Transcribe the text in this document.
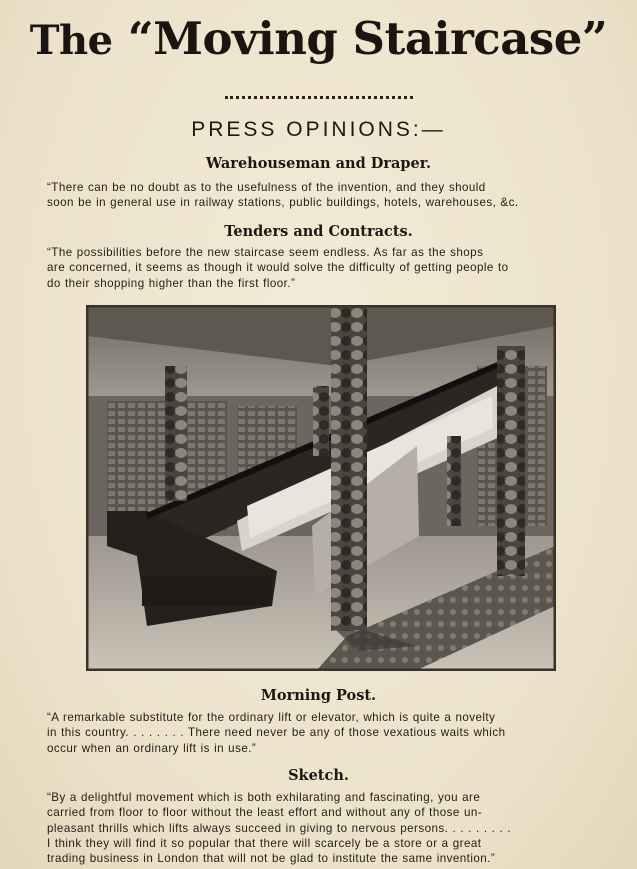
The “Moving Staircase”
PRESS OPINIONS:—
Warehouseman and Draper.
“There can be no doubt as to the usefulness of the invention, and they should
soon be in general use in railway stations, public buildings, hotels, warehouses, &c.
Tenders and Contracts.
“The possibilities before the new staircase seem endless. As far as the shops
are concerned, it seems as though it would solve the difficulty of getting people to
do their shopping higher than the first floor.”
Morning Post.
“A remarkable substitute for the ordinary lift or elevator, which is quite a novelty
in this country. . . . . . . . There need never be any of those vexatious waits which
occur when an ordinary lift is in use.”
Sketch.
“By a delightful movement which is both exhilarating and fascinating, you are
carried from floor to floor without the least effort and without any of those un-
pleasant thrills which lifts always succeed in giving to nervous persons. . . . . . . . .
I think they will find it so popular that there will scarcely be a store or a great
trading business in London that will not be glad to institute the same invention.”
